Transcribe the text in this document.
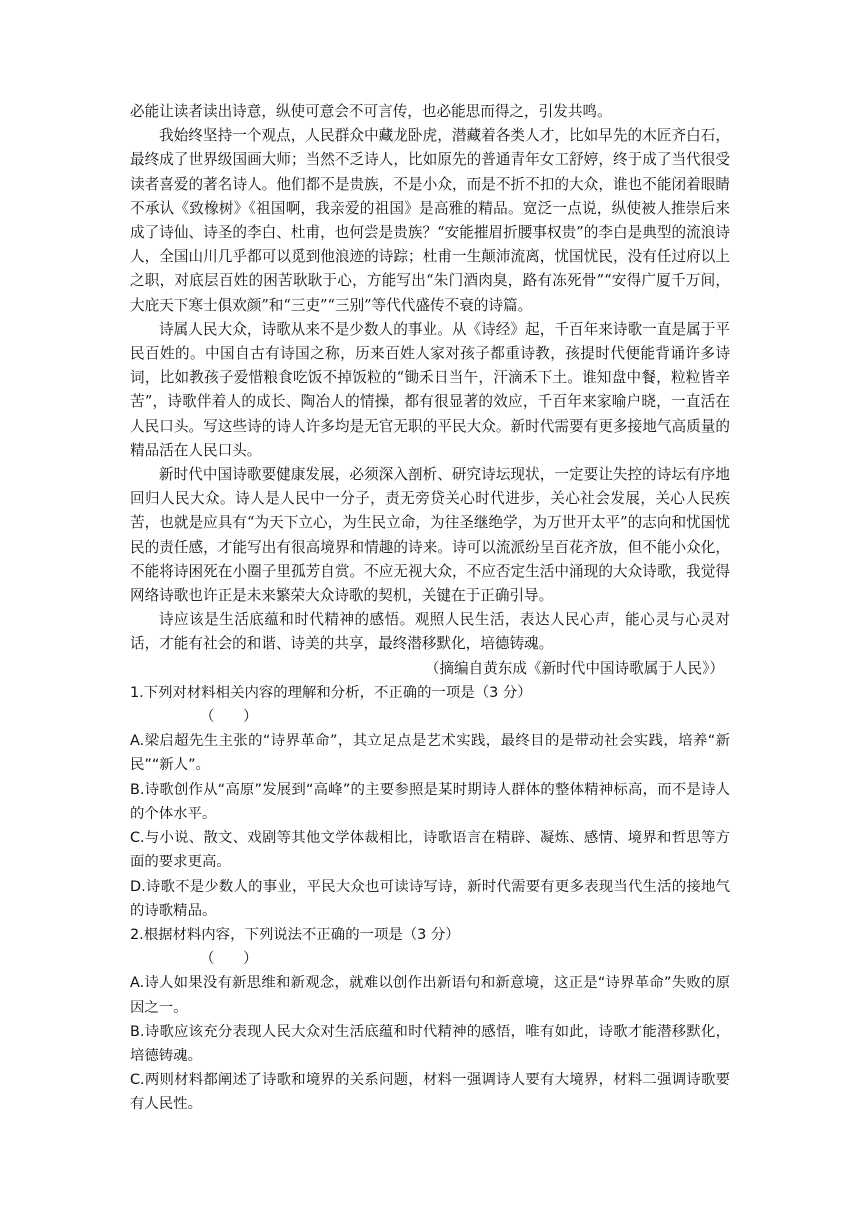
必能让读者读出诗意，纵使可意会不可言传，也必能思而得之，引发共鸣。

我始终坚持一个观点，人民群众中藏龙卧虎，潜藏着各类人才，比如早先的木匠齐白石，最终成了世界级国画大师；当然不乏诗人，比如原先的普通青年女工舒婷，终于成了当代很受读者喜爱的著名诗人。他们都不是贵族，不是小众，而是不折不扣的大众，谁也不能闭着眼睛不承认《致橡树》《祖国啊，我亲爱的祖国》是高雅的精品。宽泛一点说，纵使被人推崇后来成了诗仙、诗圣的李白、杜甫，也何尝是贵族？“安能摧眉折腰事权贵”的李白是典型的流浪诗人，全国山川几乎都可以觅到他浪迹的诗踪；杜甫一生颠沛流离，忧国忧民，没有任过府以上之职，对底层百姓的困苦耿耿于心，方能写出“朱门酒肉臭，路有冻死骨”“安得广厦千万间，大庇天下寒士俱欢颜”和“三吏”“三别”等代代盛传不衰的诗篇。

诗属人民大众，诗歌从来不是少数人的事业。从《诗经》起，千百年来诗歌一直是属于平民百姓的。中国自古有诗国之称，历来百姓人家对孩子都重诗教，孩提时代便能背诵许多诗词，比如教孩子爱惜粮食吃饭不掉饭粒的“锄禾日当午，汗滴禾下土。谁知盘中餐，粒粒皆辛苦”，诗歌伴着人的成长、陶冶人的情操，都有很显著的效应，千百年来家喻户晓，一直活在人民口头。写这些诗的诗人许多均是无官无职的平民大众。新时代需要有更多接地气高质量的精品活在人民口头。

新时代中国诗歌要健康发展，必须深入剖析、研究诗坛现状，一定要让失控的诗坛有序地回归人民大众。诗人是人民中一分子，责无旁贷关心时代进步，关心社会发展，关心人民疾苦，也就是应具有“为天下立心，为生民立命，为往圣继绝学，为万世开太平”的志向和忧国忧民的责任感，才能写出有很高境界和情趣的诗来。诗可以流派纷呈百花齐放，但不能小众化，不能将诗困死在小圈子里孤芳自赏。不应无视大众，不应否定生活中涌现的大众诗歌，我觉得网络诗歌也许正是未来繁荣大众诗歌的契机，关键在于正确引导。

诗应该是生活底蕴和时代精神的感悟。观照人民生活，表达人民心声，能心灵与心灵对话，才能有社会的和谐、诗美的共享，最终潜移默化，培德铸魂。

（摘编自黄东成《新时代中国诗歌属于人民》）

1.下列对材料相关内容的理解和分析，不正确的一项是（3 分）

（　　）

A.梁启超先生主张的“诗界革命”，其立足点是艺术实践，最终目的是带动社会实践，培养“新民”“新人”。

B.诗歌创作从“高原”发展到“高峰”的主要参照是某时期诗人群体的整体精神标高，而不是诗人的个体水平。

C.与小说、散文、戏剧等其他文学体裁相比，诗歌语言在精辟、凝炼、感情、境界和哲思等方面的要求更高。

D.诗歌不是少数人的事业，平民大众也可读诗写诗，新时代需要有更多表现当代生活的接地气的诗歌精品。

2.根据材料内容，下列说法不正确的一项是（3 分）

（　　）

A.诗人如果没有新思维和新观念，就难以创作出新语句和新意境，这正是“诗界革命”失败的原因之一。

B.诗歌应该充分表现人民大众对生活底蕴和时代精神的感悟，唯有如此，诗歌才能潜移默化，培德铸魂。

C.两则材料都阐述了诗歌和境界的关系问题，材料一强调诗人要有大境界，材料二强调诗歌要有人民性。
